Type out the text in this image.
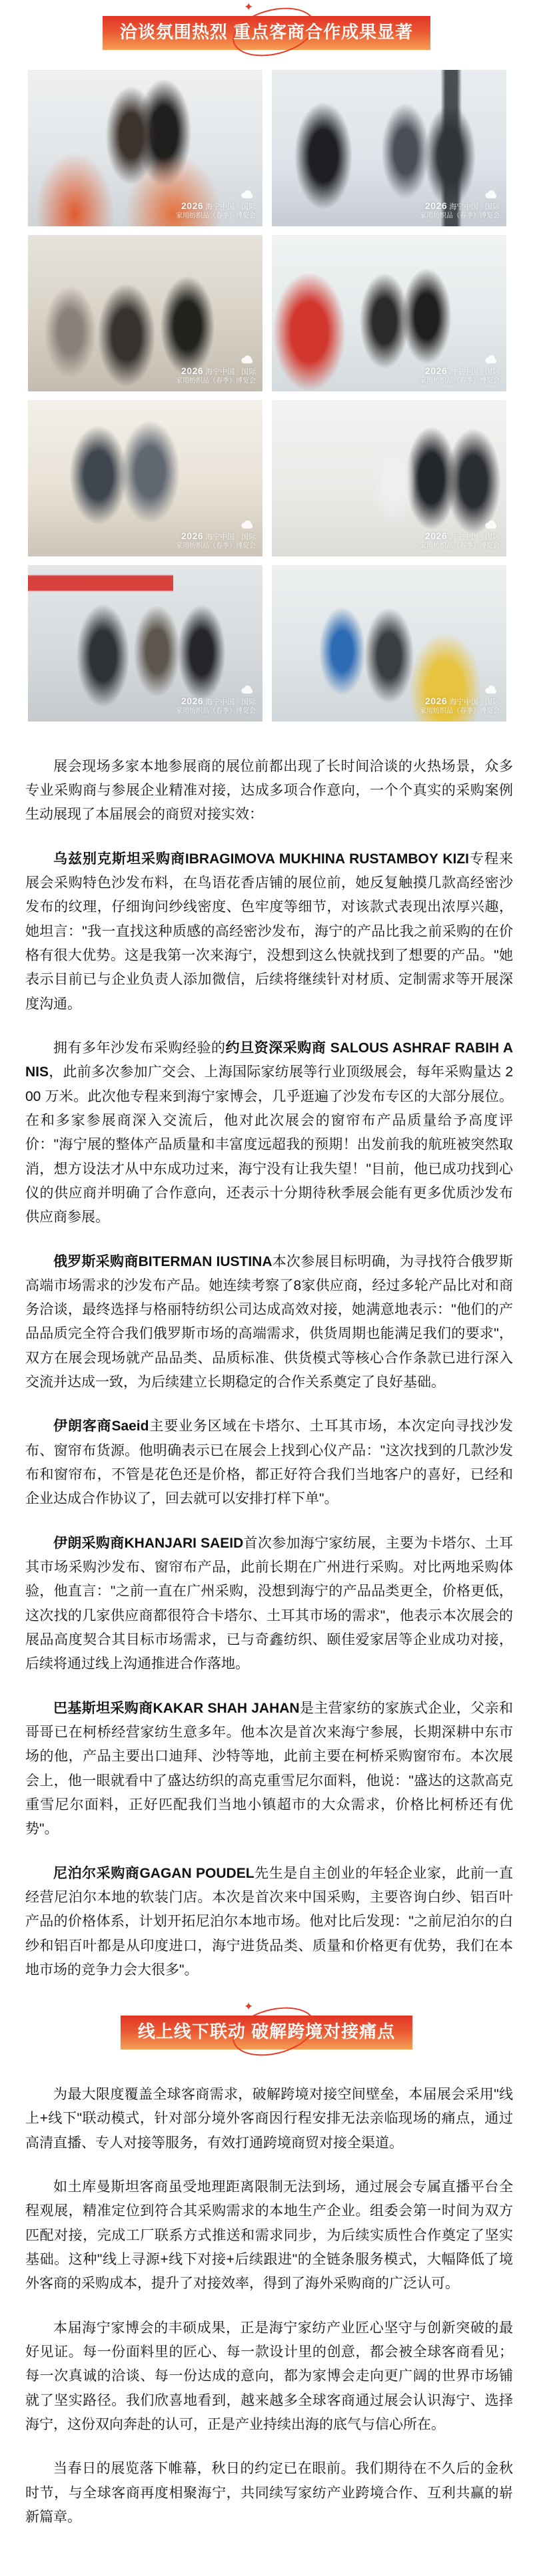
✦
洽谈氛围热烈 重点客商合作成果显著
2026 海宁中国 · 国际
家用纺织品（春季）博览会
2026 海宁中国 · 国际
家用纺织品（春季）博览会
2026 海宁中国 · 国际
家用纺织品（春季）博览会
2026 海宁中国 · 国际
家用纺织品（春季）博览会
2026 海宁中国 · 国际
家用纺织品（春季）博览会
2026 海宁中国 · 国际
家用纺织品（春季）博览会
2026 海宁中国 · 国际
家用纺织品（春季）博览会
2026 海宁中国 · 国际
家用纺织品（春季）博览会

展会现场多家本地参展商的展位前都出现了长时间洽谈的火热场景，众多专业采购商与参展企业精准对接，达成多项合作意向，一个个真实的采购案例生动展现了本届展会的商贸对接实效：

乌兹别克斯坦采购商IBRAGIMOVA MUKHINA RUSTAMBOY KIZI专程来展会采购特色沙发布料，在鸟语花香店铺的展位前，她反复触摸几款高经密沙发布的纹理，仔细询问纱线密度、色牢度等细节，对该款式表现出浓厚兴趣，她坦言："我一直找这种质感的高经密沙发布，海宁的产品比我之前采购的在价格有很大优势。这是我第一次来海宁，没想到这么快就找到了想要的产品。"她表示目前已与企业负责人添加微信，后续将继续针对材质、定制需求等开展深度沟通。

拥有多年沙发布采购经验的约旦资深采购商 SALOUS ASHRAF RABIH ANIS，此前多次参加广交会、上海国际家纺展等行业顶级展会，每年采购量达 200 万米。此次他专程来到海宁家博会，几乎逛遍了沙发布专区的大部分展位。在和多家参展商深入交流后，他对此次展会的窗帘布产品质量给予高度评价："海宁展的整体产品质量和丰富度远超我的预期！出发前我的航班被突然取消，想方设法才从中东成功过来，海宁没有让我失望！"目前，他已成功找到心仪的供应商并明确了合作意向，还表示十分期待秋季展会能有更多优质沙发布供应商参展。

俄罗斯采购商BITERMAN IUSTINA本次参展目标明确，为寻找符合俄罗斯高端市场需求的沙发布产品。她连续考察了8家供应商，经过多轮产品比对和商务洽谈，最终选择与格丽特纺织公司达成高效对接，她满意地表示："他们的产品品质完全符合我们俄罗斯市场的高端需求，供货周期也能满足我们的要求"，双方在展会现场就产品品类、品质标准、供货模式等核心合作条款已进行深入交流并达成一致，为后续建立长期稳定的合作关系奠定了良好基础。

伊朗客商Saeid主要业务区域在卡塔尔、土耳其市场，本次定向寻找沙发布、窗帘布货源。他明确表示已在展会上找到心仪产品："这次找到的几款沙发布和窗帘布，不管是花色还是价格，都正好符合我们当地客户的喜好，已经和企业达成合作协议了，回去就可以安排打样下单"。

伊朗采购商KHANJARI SAEID首次参加海宁家纺展，主要为卡塔尔、土耳其市场采购沙发布、窗帘布产品，此前长期在广州进行采购。对比两地采购体验，他直言："之前一直在广州采购，没想到海宁的产品品类更全，价格更低，这次找的几家供应商都很符合卡塔尔、土耳其市场的需求"，他表示本次展会的展品高度契合其目标市场需求，已与奇鑫纺织、颐佳爱家居等企业成功对接，后续将通过线上沟通推进合作落地。

巴基斯坦采购商KAKAR SHAH JAHAN是主营家纺的家族式企业，父亲和哥哥已在柯桥经营家纺生意多年。他本次是首次来海宁参展，长期深耕中东市场的他，产品主要出口迪拜、沙特等地，此前主要在柯桥采购窗帘布。本次展会上，他一眼就看中了盛达纺织的高克重雪尼尔面料，他说："盛达的这款高克重雪尼尔面料，正好匹配我们当地小镇超市的大众需求，价格比柯桥还有优势"。

尼泊尔采购商GAGAN POUDEL先生是自主创业的年轻企业家，此前一直经营尼泊尔本地的软装门店。本次是首次来中国采购，主要咨询白纱、铝百叶产品的价格体系，计划开拓尼泊尔本地市场。他对比后发现："之前尼泊尔的白纱和铝百叶都是从印度进口，海宁进货品类、质量和价格更有优势，我们在本地市场的竞争力会大很多"。

✦
线上线下联动 破解跨境对接痛点

为最大限度覆盖全球客商需求，破解跨境对接空间壁垒，本届展会采用"线上+线下"联动模式，针对部分境外客商因行程安排无法亲临现场的痛点，通过高清直播、专人对接等服务，有效打通跨境商贸对接全渠道。

如土库曼斯坦客商虽受地理距离限制无法到场，通过展会专属直播平台全程观展，精准定位到符合其采购需求的本地生产企业。组委会第一时间为双方匹配对接，完成工厂联系方式推送和需求同步，为后续实质性合作奠定了坚实基础。这种"线上寻源+线下对接+后续跟进"的全链条服务模式，大幅降低了境外客商的采购成本，提升了对接效率，得到了海外采购商的广泛认可。

本届海宁家博会的丰硕成果，正是海宁家纺产业匠心坚守与创新突破的最好见证。每一份面料里的匠心、每一款设计里的创意，都会被全球客商看见；每一次真诚的洽谈、每一份达成的意向，都为家博会走向更广阔的世界市场铺就了坚实路径。我们欣喜地看到，越来越多全球客商通过展会认识海宁、选择海宁，这份双向奔赴的认可，正是产业持续出海的底气与信心所在。

当春日的展览落下帷幕，秋日的约定已在眼前。我们期待在不久后的金秋时节，与全球客商再度相聚海宁，共同续写家纺产业跨境合作、互利共赢的崭新篇章。
